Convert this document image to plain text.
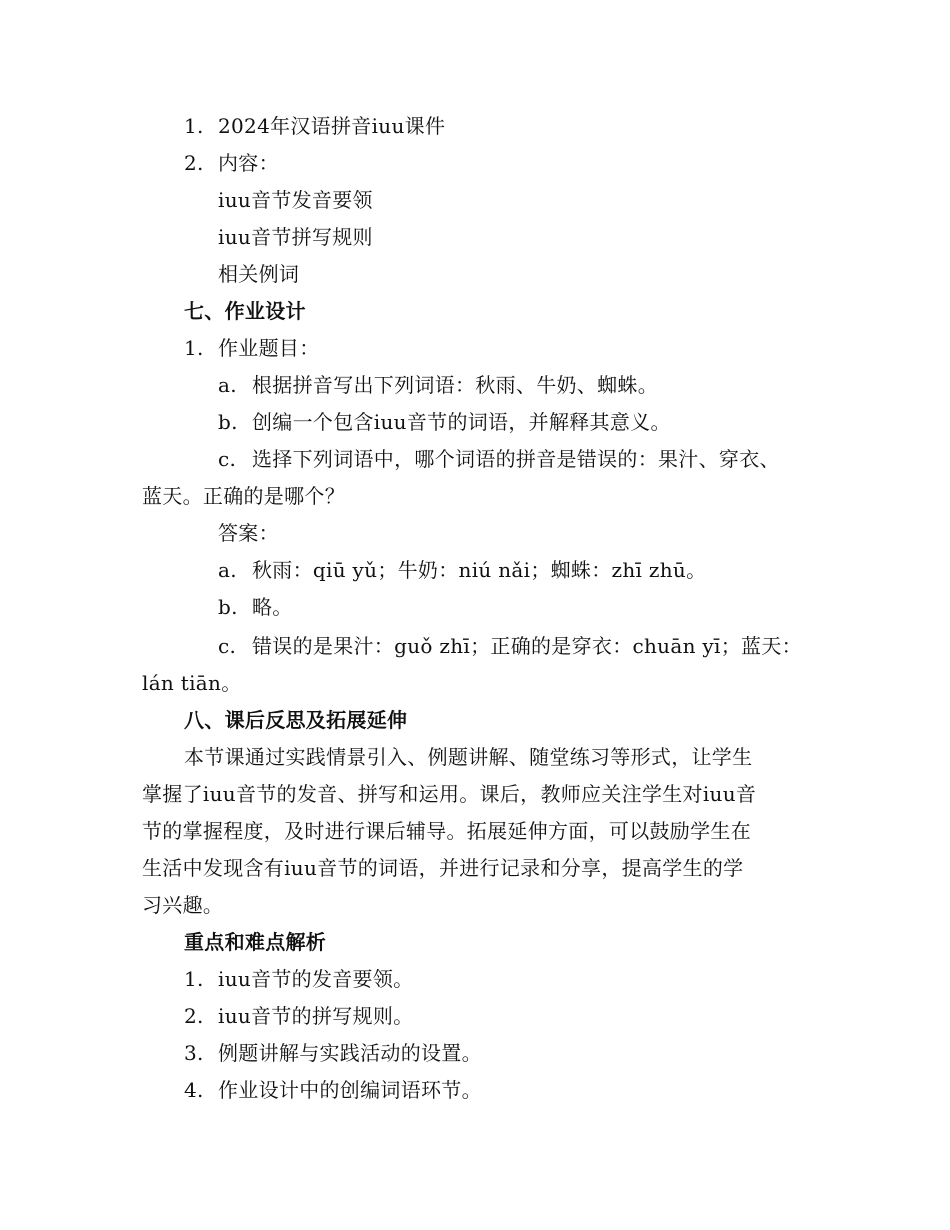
1. 2024年汉语拼音iuu课件
2. 内容：
iuu音节发音要领
iuu音节拼写规则
相关例词
七、作业设计
1. 作业题目：
a. 根据拼音写出下列词语：秋雨、牛奶、蜘蛛。
b. 创编一个包含iuu音节的词语，并解释其意义。
c. 选择下列词语中，哪个词语的拼音是错误的：果汁、穿衣、
蓝天。正确的是哪个？
答案：
a. 秋雨：qiū yǔ；牛奶：niú nǎi；蜘蛛：zhī zhū。
b. 略。
c. 错误的是果汁：guǒ zhī；正确的是穿衣：chuān yī；蓝天：
lán tiān。
八、课后反思及拓展延伸
本节课通过实践情景引入、例题讲解、随堂练习等形式，让学生
掌握了iuu音节的发音、拼写和运用。课后，教师应关注学生对iuu音
节的掌握程度，及时进行课后辅导。拓展延伸方面，可以鼓励学生在
生活中发现含有iuu音节的词语，并进行记录和分享，提高学生的学
习兴趣。
重点和难点解析
1. iuu音节的发音要领。
2. iuu音节的拼写规则。
3. 例题讲解与实践活动的设置。
4. 作业设计中的创编词语环节。
